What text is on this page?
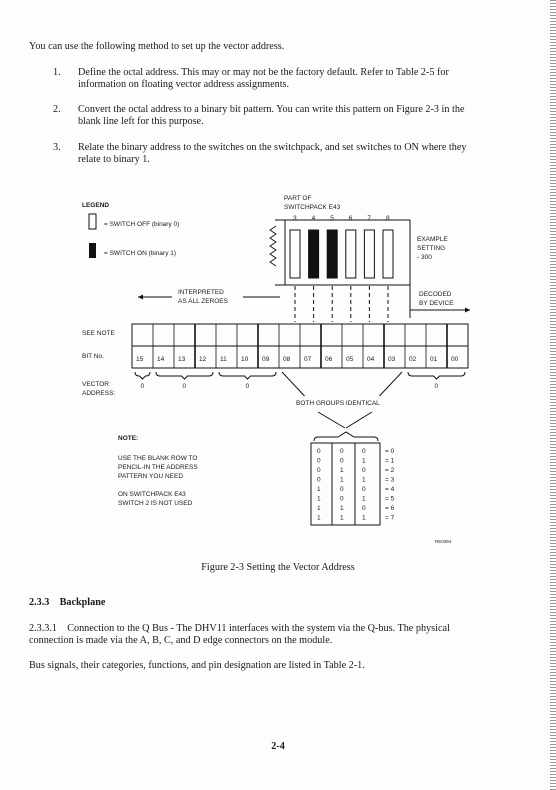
You can use the following method to set up the vector address.
1. Define the octal address. This may or may not be the factory default. Refer to Table 2-5 for
information on floating vector address assignments.
2. Convert the octal address to a binary bit pattern. You can write this pattern on Figure 2-3 in the
blank line left for this purpose.
3. Relate the binary address to the switches on the switchpack, and set switches to ON where they
relate to binary 1.
LEGEND
= SWITCH OFF (binary 0)
= SWITCH ON (binary 1)
PART OF
SWITCHPACK E43
3 4 5 6 7 8
EXAMPLE
SETTING
- 300
INTERPRETED
AS ALL ZEROES
DECODED
BY DEVICE
SEE NOTE
BIT No.	15 14 13 12 11 10 09 08 07 06 05 04 03 02 01 00
VECTOR
ADDRESS:
0	0	0	0
BOTH GROUPS IDENTICAL
NOTE:
USE THE BLANK ROW TO
PENCIL-IN THE ADDRESS
PATTERN YOU NEED
ON SWITCHPACK E43
SWITCH 2 IS NOT USED
0	0	0	= 0
0	0	1	= 1
0	1	0	= 2
0	1	1	= 3
1	0	0	= 4
1	0	1	= 5
1	1	0	= 6
1	1	1	= 7
RE0394
Figure 2-3 Setting the Vector Address
2.3.3    Backplane
2.3.3.1    Connection to the Q Bus - The DHV11 interfaces with the system via the Q-bus. The physical
connection is made via the A, B, C, and D edge connectors on the module.
Bus signals, their categories, functions, and pin designation are listed in Table 2-1.
2-4
